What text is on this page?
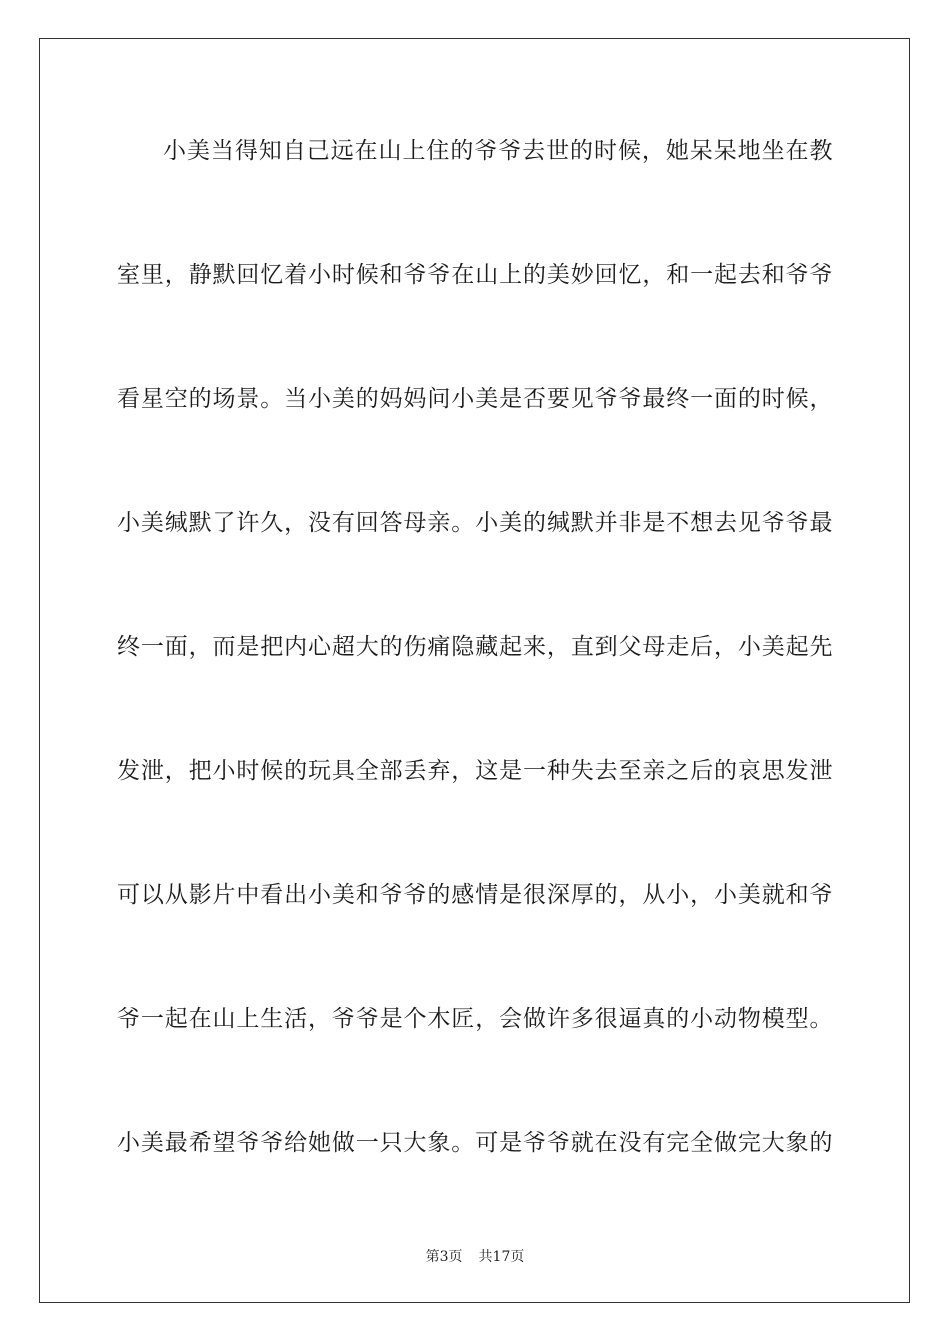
小美当得知自己远在山上住的爷爷去世的时候，她呆呆地坐在教
室里，静默回忆着小时候和爷爷在山上的美妙回忆，和一起去和爷爷
看星空的场景。当小美的妈妈问小美是否要见爷爷最终一面的时候，
小美缄默了许久，没有回答母亲。小美的缄默并非是不想去见爷爷最
终一面，而是把内心超大的伤痛隐藏起来，直到父母走后，小美起先
发泄，把小时候的玩具全部丢弃，这是一种失去至亲之后的哀思发泄
可以从影片中看出小美和爷爷的感情是很深厚的，从小，小美就和爷
爷一起在山上生活，爷爷是个木匠，会做许多很逼真的小动物模型。
小美最希望爷爷给她做一只大象。可是爷爷就在没有完全做完大象的
第3页 共17页
